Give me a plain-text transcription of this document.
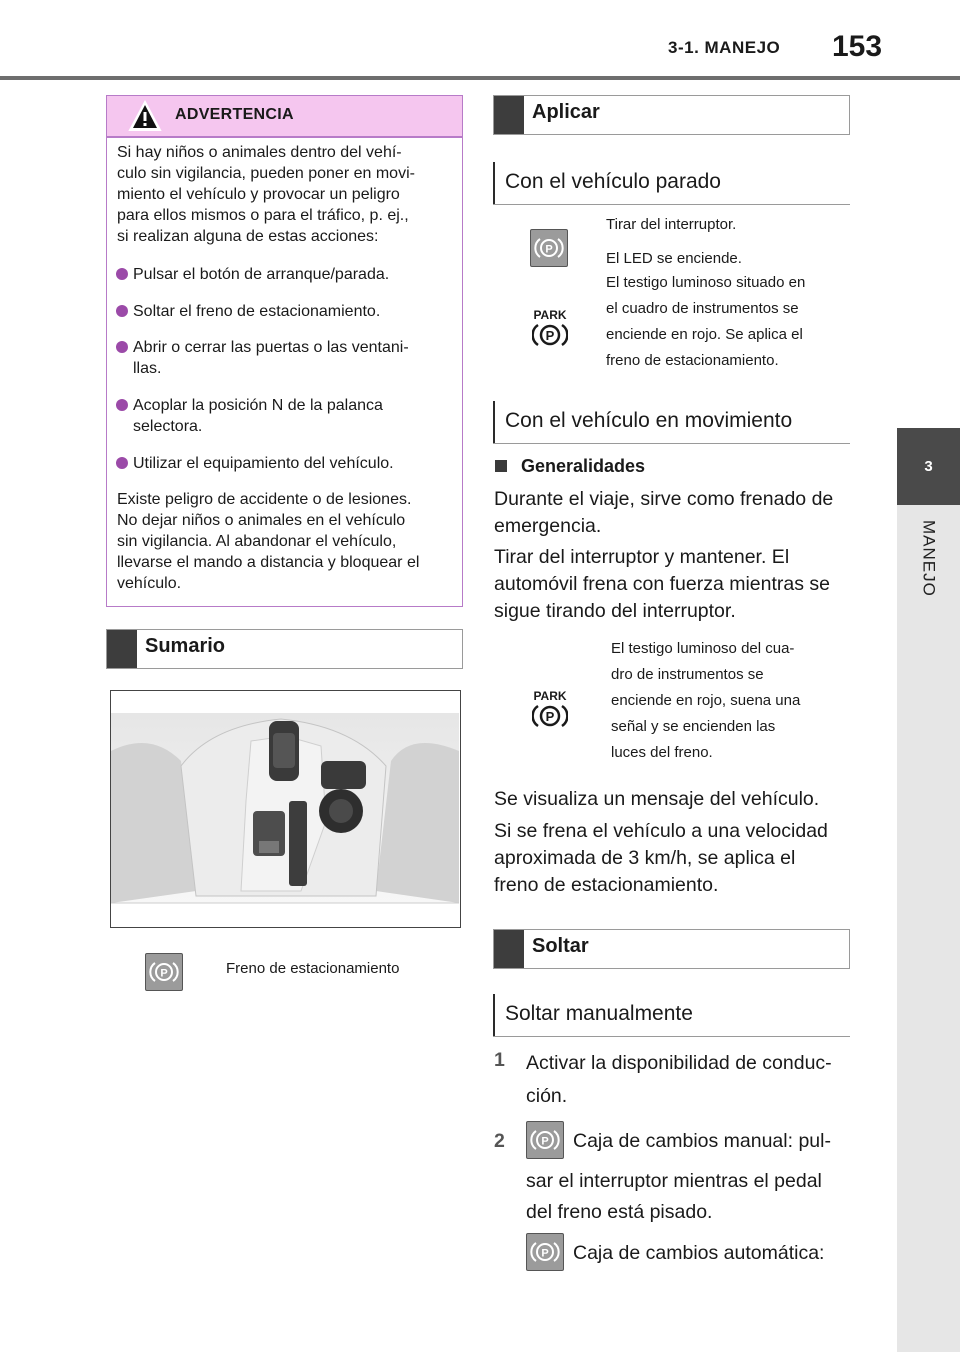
3-1. MANEJO 153
3
MANEJO
ADVERTENCIA
Si hay niños o animales dentro del vehí-
culo sin vigilancia, pueden poner en movi-
miento el vehículo y provocar un peligro
para ellos mismos o para el tráfico, p. ej.,
si realizan alguna de estas acciones:
Pulsar el botón de arranque/parada.
Soltar el freno de estacionamiento.
Abrir o cerrar las puertas o las ventani-
llas.
Acoplar la posición N de la palanca
selectora.
Utilizar el equipamiento del vehículo.
Existe peligro de accidente o de lesiones.
No dejar niños o animales en el vehículo
sin vigilancia. Al abandonar el vehículo,
llevarse el mando a distancia y bloquear el
vehículo.
Sumario
P	Freno de estacionamiento
Aplicar
Con el vehículo parado
P
PARK
P
Tirar del interruptor.
El LED se enciende.
El testigo luminoso situado en
el cuadro de instrumentos se
enciende en rojo. Se aplica el
freno de estacionamiento.
Con el vehículo en movimiento
Generalidades
Durante el viaje, sirve como frenado de
emergencia.
Tirar del interruptor y mantener. El
automóvil frena con fuerza mientras se
sigue tirando del interruptor.
PARK
P
El testigo luminoso del cua-
dro de instrumentos se
enciende en rojo, suena una
señal y se encienden las
luces del freno.
Se visualiza un mensaje del vehículo.
Si se frena el vehículo a una velocidad
aproximada de 3 km/h, se aplica el
freno de estacionamiento.
Soltar
Soltar manualmente
1 Activar la disponibilidad de conduc-
ción.
2	P Caja de cambios manual: pul-
sar el interruptor mientras el pedal
del freno está pisado.
P Caja de cambios automática:
